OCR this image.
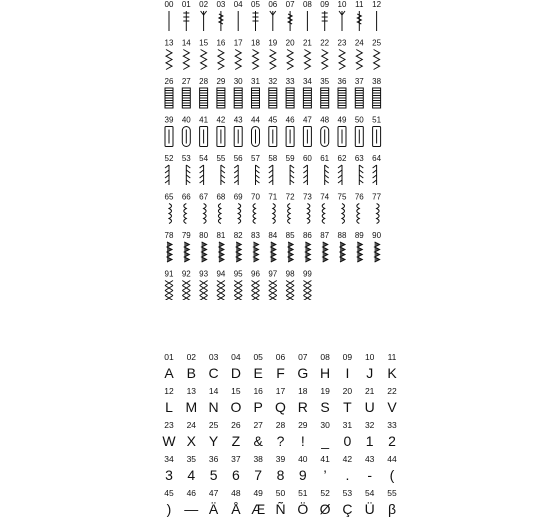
00 01 02 03 04 05 06 07 08 09 10 11 12
13 14 15 16 17 18 19 20 21 22 23 24 25
26 27 28 29 30 31 32 33 34 35 36 37 38
39 40 41 42 43 44 45 46 47 48 49 50 51
52 53 54 55 56 57 58 59 60 61 62 63 64
65 66 67 68 69 70 71 72 73 74 75 76 77
78 79 80 81 82 83 84 85 86 87 88 89 90
91 92 93 94 95 96 97 98 99
01
A
02
B
03
C
04
D
05
E
06
F
07
G
08
H
09
I
10
J
11
K
12
L
13
M
14
N
15
O
16
P
17
Q
18
R
19
S
20
T
21
U
22
V
23
W
24
X
25
Y
26
Z
27
&
28
?
29
!
30
_
31
0
32
1
33
2
34
3
35
4
36
5
37
6
38
7
39
8
40
9
41
’
42
.
43
-
44
(
45
)
46
—
47
Ä
48
Å
49
Æ
50
Ñ
51
Ö
52
Ø
53
Ç
54
Ü
55
β
